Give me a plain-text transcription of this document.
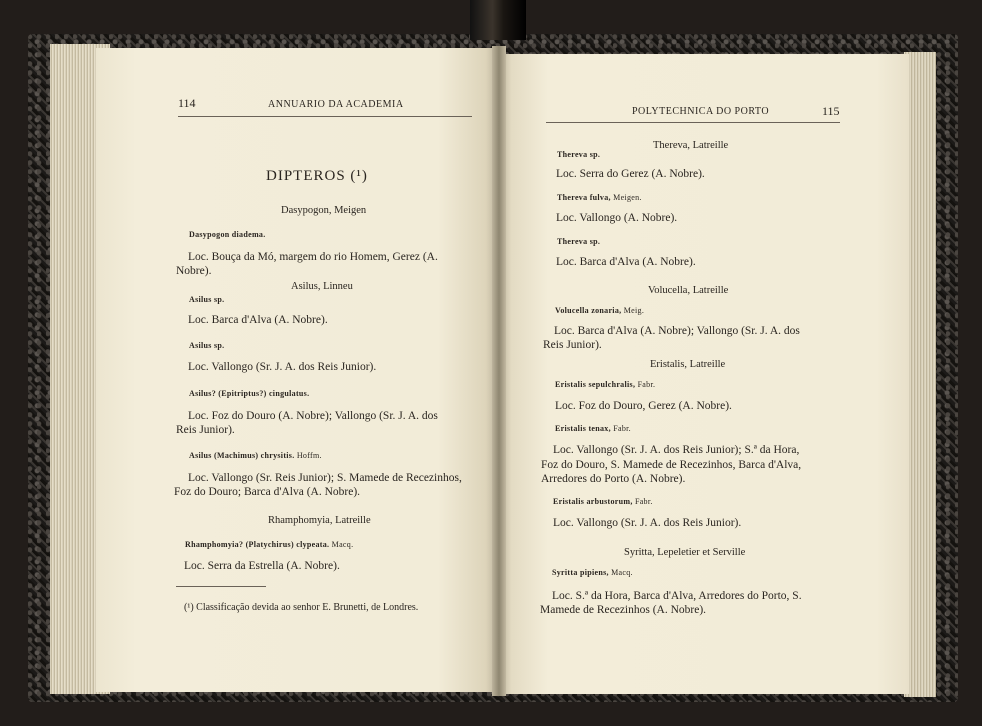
114	ANNUARIO DA ACADEMIA
DIPTEROS (¹)
Dasypogon, Meigen
Dasypogon diadema.
Loc. Bouça da Mó, margem do rio Homem, Gerez (A.
Nobre).
Asilus, Linneu
Asilus sp.
Loc. Barca d'Alva (A. Nobre).
Asilus sp.
Loc. Vallongo (Sr. J. A. dos Reis Junior).
Asilus? (Epitriptus?) cingulatus.
Loc. Foz do Douro (A. Nobre); Vallongo (Sr. J. A. dos
Reis Junior).
Asilus (Machimus) chrysitis. Hoffm.
Loc. Vallongo (Sr. Reis Junior); S. Mamede de Recezinhos,
Foz do Douro; Barca d'Alva (A. Nobre).
Rhamphomyia, Latreille
Rhamphomyia? (Platychirus) clypeata. Macq.
Loc. Serra da Estrella (A. Nobre).
(¹) Classificação devida ao senhor E. Brunetti, de Londres.
POLYTECHNICA DO PORTO	115
Thereva, Latreille
Thereva sp.
Loc. Serra do Gerez (A. Nobre).
Thereva fulva, Meigen.
Loc. Vallongo (A. Nobre).
Thereva sp.
Loc. Barca d'Alva (A. Nobre).
Volucella, Latreille
Volucella zonaria, Meig.
Loc. Barca d'Alva (A. Nobre); Vallongo (Sr. J. A. dos
Reis Junior).
Eristalis, Latreille
Eristalis sepulchralis, Fabr.
Loc. Foz do Douro, Gerez (A. Nobre).
Eristalis tenax, Fabr.
Loc. Vallongo (Sr. J. A. dos Reis Junior); S.ª da Hora,
Foz do Douro, S. Mamede de Recezinhos, Barca d'Alva,
Arredores do Porto (A. Nobre).
Eristalis arbustorum, Fabr.
Loc. Vallongo (Sr. J. A. dos Reis Junior).
Syritta, Lepeletier et Serville
Syritta pipiens, Macq.
Loc. S.ª da Hora, Barca d'Alva, Arredores do Porto, S.
Mamede de Recezinhos (A. Nobre).
